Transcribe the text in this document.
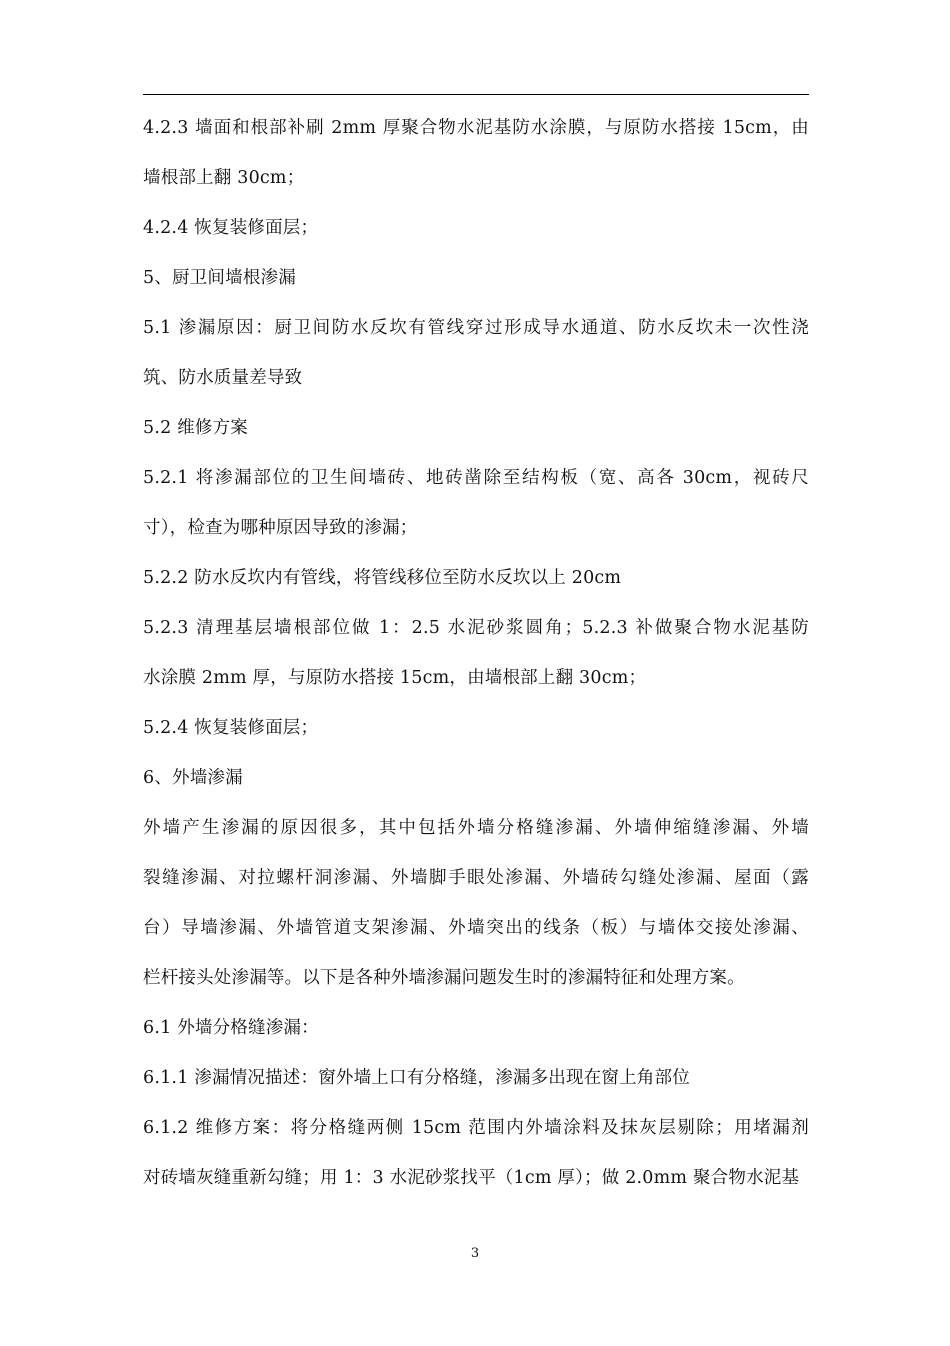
4.2.3 墙面和根部补刷 2mm 厚聚合物水泥基防水涂膜，与原防水搭接 15cm，由
墙根部上翻 30cm；
4.2.4 恢复装修面层；
5、厨卫间墙根渗漏
5.1 渗漏原因：厨卫间防水反坎有管线穿过形成导水通道、防水反坎未一次性浇
筑、防水质量差导致
5.2 维修方案
5.2.1 将渗漏部位的卫生间墙砖、地砖凿除至结构板（宽、高各 30cm，视砖尺
寸），检查为哪种原因导致的渗漏；
5.2.2 防水反坎内有管线，将管线移位至防水反坎以上 20cm
5.2.3 清理基层墙根部位做 1：2.5 水泥砂浆圆角；5.2.3 补做聚合物水泥基防
水涂膜 2mm 厚，与原防水搭接 15cm，由墙根部上翻 30cm；
5.2.4 恢复装修面层；
6、外墙渗漏
外墙产生渗漏的原因很多，其中包括外墙分格缝渗漏、外墙伸缩缝渗漏、外墙
裂缝渗漏、对拉螺杆洞渗漏、外墙脚手眼处渗漏、外墙砖勾缝处渗漏、屋面（露
台）导墙渗漏、外墙管道支架渗漏、外墙突出的线条（板）与墙体交接处渗漏、
栏杆接头处渗漏等。以下是各种外墙渗漏问题发生时的渗漏特征和处理方案。
6.1 外墙分格缝渗漏：
6.1.1 渗漏情况描述：窗外墙上口有分格缝，渗漏多出现在窗上角部位
6.1.2 维修方案：将分格缝两侧 15cm 范围内外墙涂料及抹灰层剔除；用堵漏剂
对砖墙灰缝重新勾缝；用 1：3 水泥砂浆找平（1cm 厚）；做 2.0mm 聚合物水泥基
3
